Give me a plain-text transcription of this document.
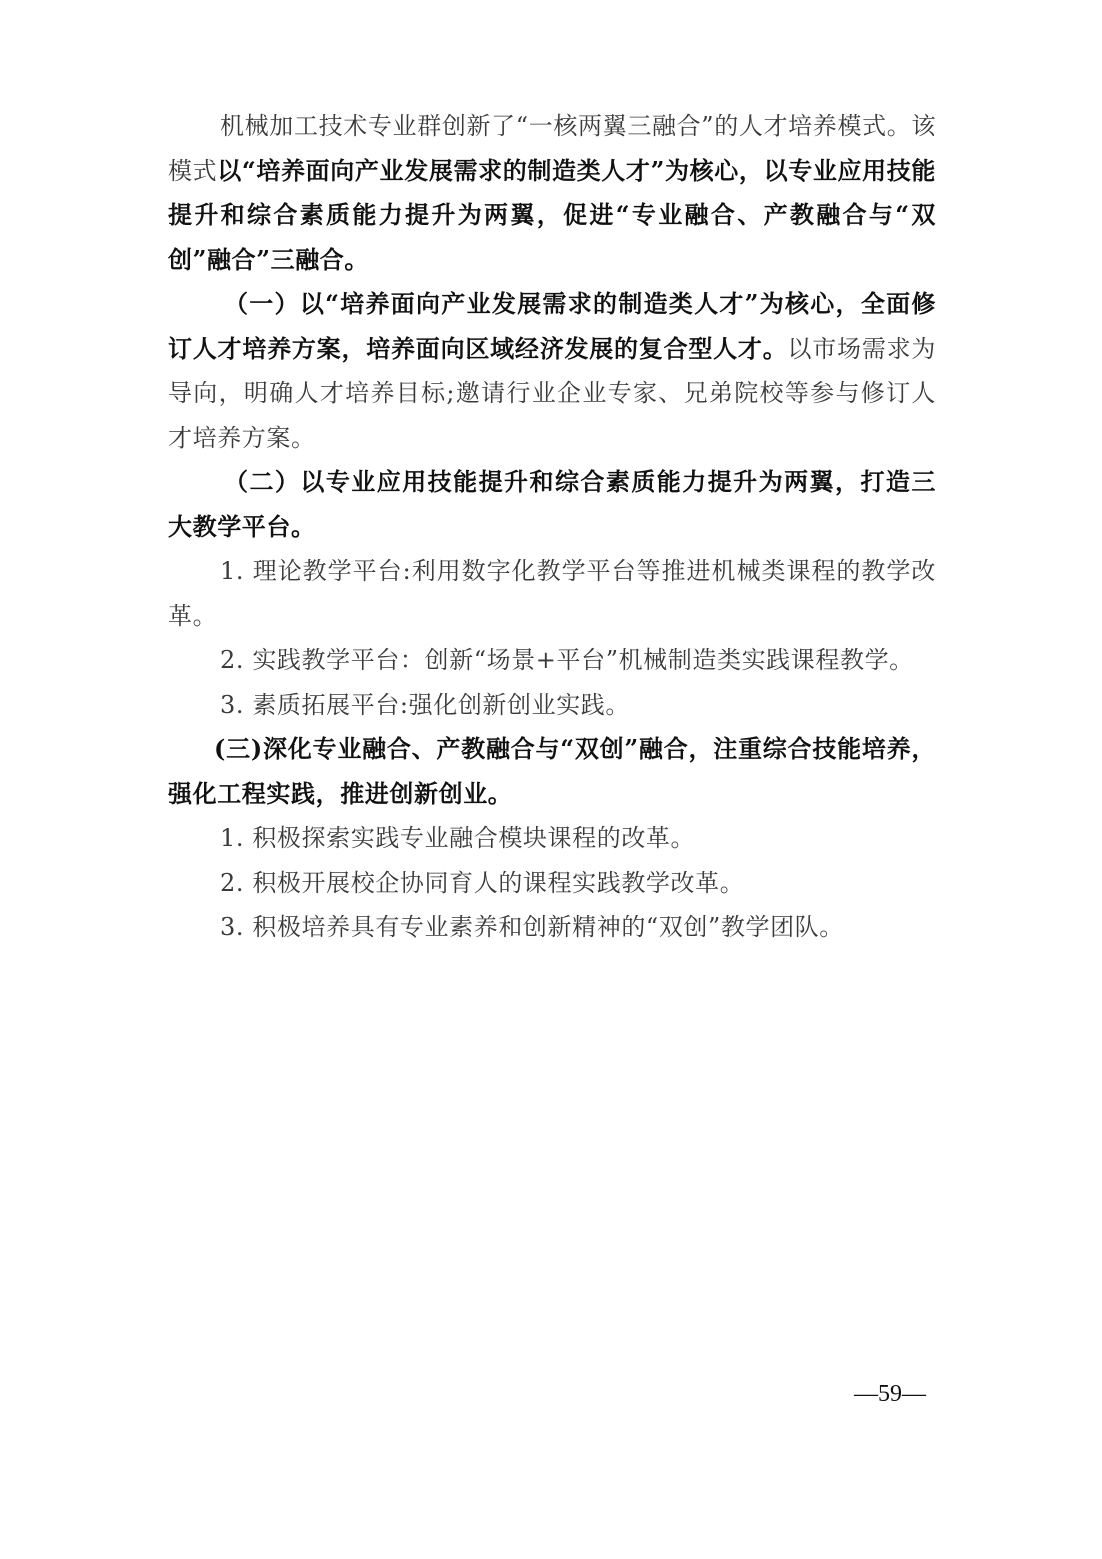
机械加工技术专业群创新了“一核两翼三融合”的人才培养模式。该模式以“培养面向产业发展需求的制造类人才”为核心，以专业应用技能提升和综合素质能力提升为两翼，促进“专业融合、产教融合与“双创”融合”三融合。

（一）以“培养面向产业发展需求的制造类人才”为核心，全面修订人才培养方案，培养面向区域经济发展的复合型人才。以市场需求为导向，明确人才培养目标;邀请行业企业专家、兄弟院校等参与修订人才培养方案。

（二）以专业应用技能提升和综合素质能力提升为两翼，打造三大教学平台。

1. 理论教学平台:利用数字化教学平台等推进机械类课程的教学改革。

2. 实践教学平台：创新“场景+平台”机械制造类实践课程教学。

3. 素质拓展平台:强化创新创业实践。

(三)深化专业融合、产教融合与“双创”融合，注重综合技能培养，强化工程实践，推进创新创业。

1. 积极探索实践专业融合模块课程的改革。

2. 积极开展校企协同育人的课程实践教学改革。

3. 积极培养具有专业素养和创新精神的“双创”教学团队。

—59—
